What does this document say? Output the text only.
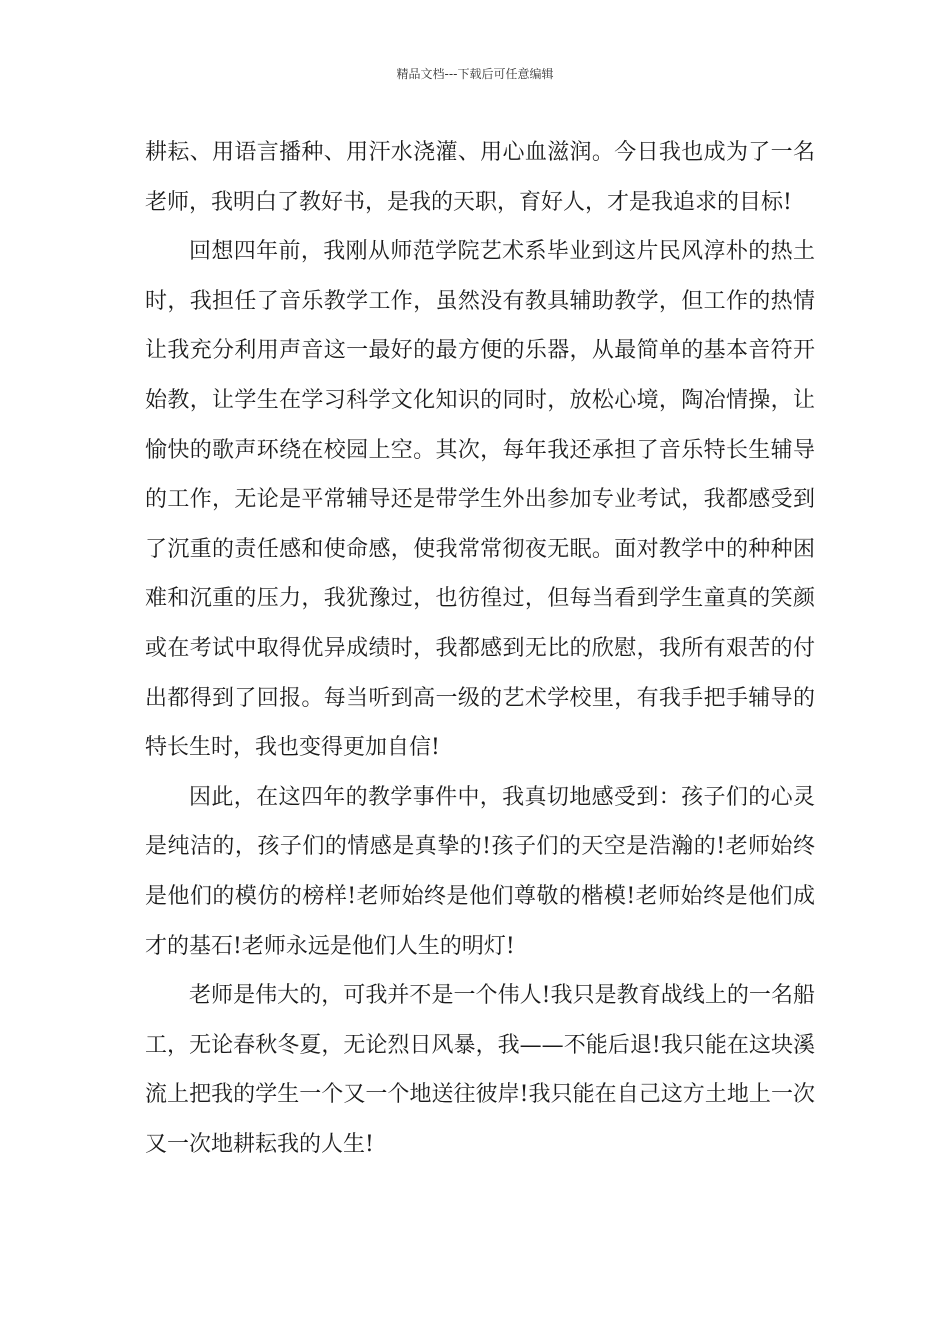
精品文档---下载后可任意编辑

耕耘、用语言播种、用汗水浇灌、用心血滋润。今日我也成为了一名老师，我明白了教好书，是我的天职，育好人，才是我追求的目标!

回想四年前，我刚从师范学院艺术系毕业到这片民风淳朴的热土时，我担任了音乐教学工作，虽然没有教具辅助教学，但工作的热情让我充分利用声音这一最好的最方便的乐器，从最简单的基本音符开始教，让学生在学习科学文化知识的同时，放松心境，陶冶情操，让愉快的歌声环绕在校园上空。其次，每年我还承担了音乐特长生辅导的工作，无论是平常辅导还是带学生外出参加专业考试，我都感受到了沉重的责任感和使命感，使我常常彻夜无眠。面对教学中的种种困难和沉重的压力，我犹豫过，也彷徨过，但每当看到学生童真的笑颜或在考试中取得优异成绩时，我都感到无比的欣慰，我所有艰苦的付出都得到了回报。每当听到高一级的艺术学校里，有我手把手辅导的特长生时，我也变得更加自信!

因此，在这四年的教学事件中，我真切地感受到：孩子们的心灵是纯洁的，孩子们的情感是真挚的!孩子们的天空是浩瀚的!老师始终是他们的模仿的榜样!老师始终是他们尊敬的楷模!老师始终是他们成才的基石!老师永远是他们人生的明灯!

老师是伟大的，可我并不是一个伟人!我只是教育战线上的一名船工，无论春秋冬夏，无论烈日风暴，我——不能后退!我只能在这块溪流上把我的学生一个又一个地送往彼岸!我只能在自己这方土地上一次又一次地耕耘我的人生!
